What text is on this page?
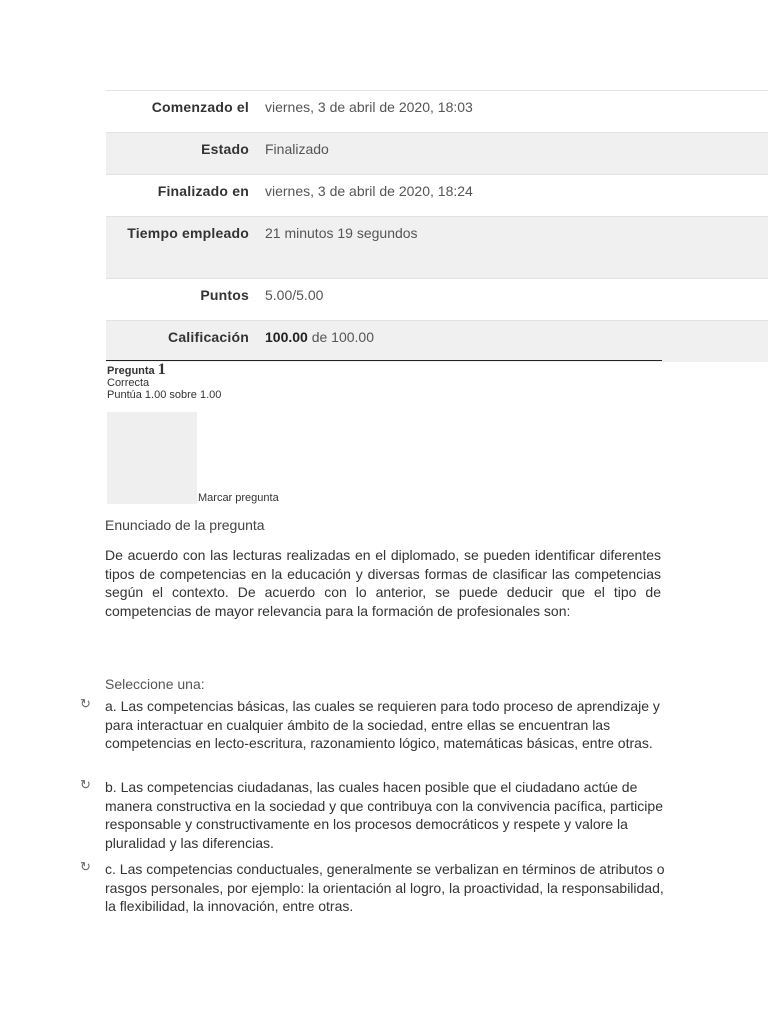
Comenzado el	viernes, 3 de abril de 2020, 18:03
Estado	Finalizado
Finalizado en	viernes, 3 de abril de 2020, 18:24
Tiempo empleado	21 minutos 19 segundos
Puntos	5.00/5.00
Calificación	100.00 de 100.00
Pregunta 1
Correcta
Puntúa 1.00 sobre 1.00
Marcar pregunta
Enunciado de la pregunta

De acuerdo con las lecturas realizadas en el diplomado, se pueden identificar diferentes tipos de competencias en la educación y diversas formas de clasificar las competencias según el contexto. De acuerdo con lo anterior, se puede deducir que el tipo de competencias de mayor relevancia para la formación de profesionales son:

Seleccione una:
↻ a. Las competencias básicas, las cuales se requieren para todo proceso de aprendizaje y para interactuar en cualquier ámbito de la sociedad, entre ellas se encuentran las competencias en lecto-escritura, razonamiento lógico, matemáticas básicas, entre otras.
↻ b. Las competencias ciudadanas, las cuales hacen posible que el ciudadano actúe de manera constructiva en la sociedad y que contribuya con la convivencia pacífica, participe responsable y constructivamente en los procesos democráticos y respete y valore la pluralidad y las diferencias.
↻ c. Las competencias conductuales, generalmente se verbalizan en términos de atributos o rasgos personales, por ejemplo: la orientación al logro, la proactividad, la responsabilidad, la flexibilidad, la innovación, entre otras.
